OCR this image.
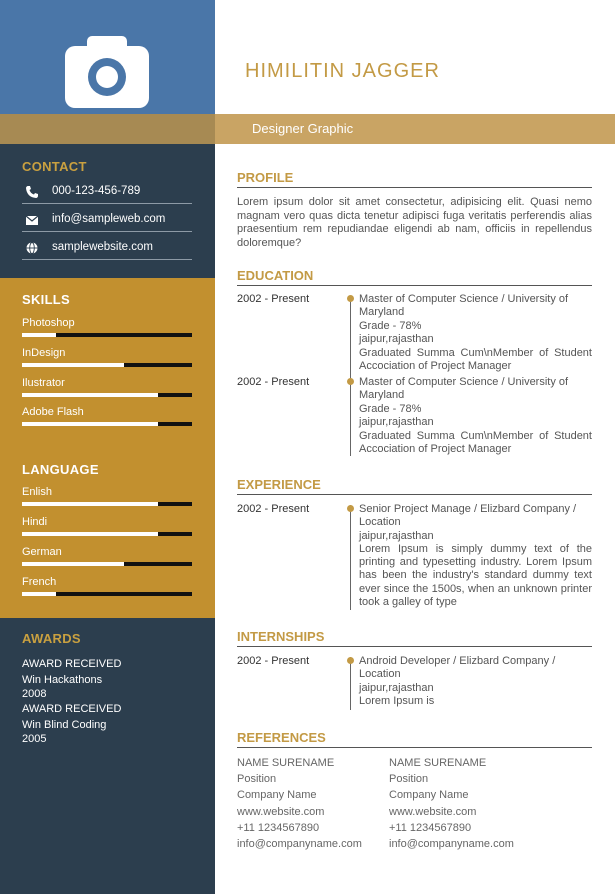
Designer Graphic
HIMILITIN JAGGER
CONTACT
000-123-456-789
info@sampleweb.com
samplewebsite.com
SKILLS
Photoshop
InDesign
Ilustrator
Adobe Flash
LANGUAGE
Enlish
Hindi
German
French
AWARDS
AWARD RECEIVED
Win Hackathons
2008
AWARD RECEIVED
Win Blind Coding
2005
PROFILE
Lorem ipsum dolor sit amet consectetur, adipisicing elit. Quasi nemo magnam vero quas dicta tenetur adipisci fuga veritatis perferendis alias praesentium rem repudiandae eligendi ab nam, officiis in repellendus doloremque?
EDUCATION
2002 - Present	Master of Computer Science / University of Maryland
Grade - 78%
jaipur,rajasthan
Graduated Summa Cum\nMember of Student Accociation of Project Manager
2002 - Present	Master of Computer Science / University of Maryland
Grade - 78%
jaipur,rajasthan
Graduated Summa Cum\nMember of Student Accociation of Project Manager
EXPERIENCE
2002 - Present	Senior Project Manage / Elizbard Company / Location
jaipur,rajasthan
Lorem Ipsum is simply dummy text of the printing and typesetting industry. Lorem Ipsum has been the industry's standard dummy text ever since the 1500s, when an unknown printer took a galley of type
INTERNSHIPS
2002 - Present	Android Developer / Elizbard Company / Location
jaipur,rajasthan
Lorem Ipsum is
REFERENCES
NAME SURENAME
Position
Company Name
www.website.com
+11 1234567890
info@companyname.com
NAME SURENAME
Position
Company Name
www.website.com
+11 1234567890
info@companyname.com
